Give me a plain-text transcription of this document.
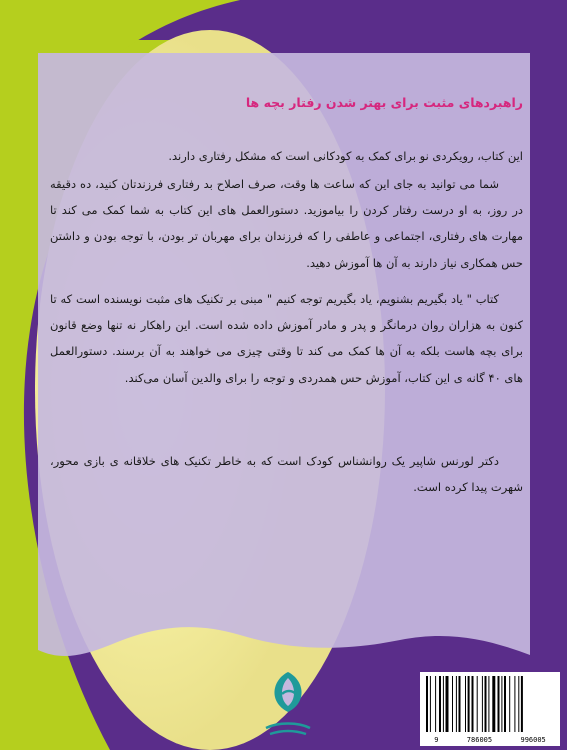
راهبردهای مثبت برای بهتر شدن رفتار بچه ها

این کتاب، رویکردی نو برای کمک به کودکانی است که مشکل رفتاری دارند.

شما می توانید به جای این که ساعت ها وقت، صرف اصلاح بد رفتاری فرزندتان کنید، ده دقیقه در روز، به او درست رفتار کردن را بیاموزید. دستورالعمل های این کتاب به شما کمک می کند تا مهارت های رفتاری، اجتماعی و عاطفی را که فرزندان برای مهربان تر بودن، با توجه بودن و داشتن حس همکاری نیاز دارند به آن ها آموزش دهید.

کتاب " یاد بگیریم بشنویم، یاد بگیریم توجه کنیم " مبنی بر تکنیک های مثبت نویسنده است که تا کنون به هزاران روان درمانگر و پدر و مادر آموزش داده شده است. این راهکار نه تنها وضع قانون برای بچه هاست بلکه به آن ها کمک می کند تا وقتی چیزی می خواهند به آن برسند. دستورالعمل های ۴۰ گانه ی این کتاب، آموزش حس همدردی و توجه را برای والدین آسان می‌کند.

دکتر لورنس شاپیر یک روانشناس کودک است که به خاطر تکنیک های خلاقانه ی بازی محور، شهرت پیدا کرده است.

9	786005	996005
